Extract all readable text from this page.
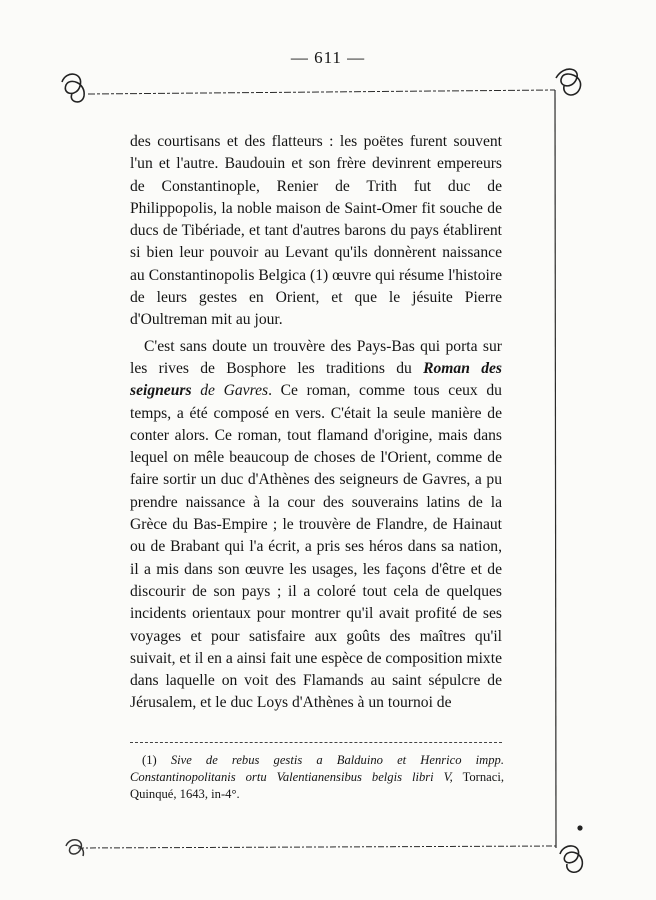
— 611 —

des courtisans et des flatteurs : les poëtes furent souvent l'un et l'autre. Baudouin et son frère devinrent empereurs de Constantinople, Renier de Trith fut duc de Philippopolis, la noble maison de Saint-Omer fit souche de ducs de Tibériade, et tant d'autres barons du pays établirent si bien leur pouvoir au Levant qu'ils donnèrent naissance au Constantinopolis Belgica (1) œuvre qui résume l'histoire de leurs gestes en Orient, et que le jésuite Pierre d'Oultreman mit au jour.

C'est sans doute un trouvère des Pays-Bas qui porta sur les rives de Bosphore les traditions du Roman des seigneurs de Gavres. Ce roman, comme tous ceux du temps, a été composé en vers. C'était la seule manière de conter alors. Ce roman, tout flamand d'origine, mais dans lequel on mêle beaucoup de choses de l'Orient, comme de faire sortir un duc d'Athènes des seigneurs de Gavres, a pu prendre naissance à la cour des souverains latins de la Grèce du Bas-Empire ; le trouvère de Flandre, de Hainaut ou de Brabant qui l'a écrit, a pris ses héros dans sa nation, il a mis dans son œuvre les usages, les façons d'être et de discourir de son pays ; il a coloré tout cela de quelques incidents orientaux pour montrer qu'il avait profité de ses voyages et pour satisfaire aux goûts des maîtres qu'il suivait, et il en a ainsi fait une espèce de composition mixte dans laquelle on voit des Flamands au saint sépulcre de Jérusalem, et le duc Loys d'Athènes à un tournoi de

(1) Sive de rebus gestis a Balduino et Henrico impp. Constantinopolitanis ortu Valentianensibus belgis libri V, Tornaci, Quinqué, 1643, in-4°.
